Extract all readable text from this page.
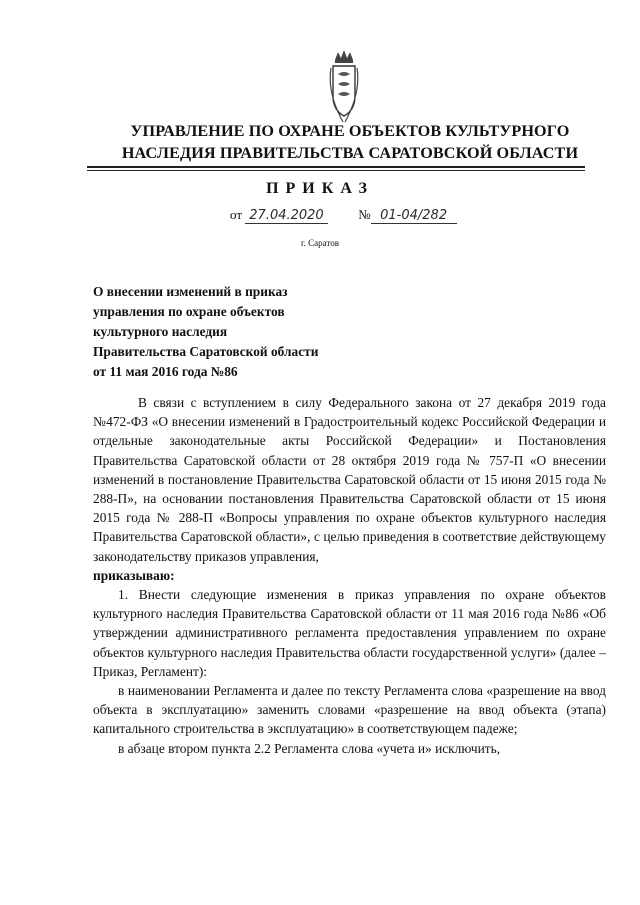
УПРАВЛЕНИЕ ПО ОХРАНЕ ОБЪЕКТОВ КУЛЬТУРНОГО
НАСЛЕДИЯ ПРАВИТЕЛЬСТВА САРАТОВСКОЙ ОБЛАСТИ
ПРИКАЗ
от 27.04.2020	№ 01-04/282
г. Саратов
О внесении изменений в приказ
управления по охране объектов
культурного наследия
Правительства Саратовской области
от 11 мая 2016 года №86

В связи с вступлением в силу Федерального закона от 27 декабря 2019 года №472-ФЗ «О внесении изменений в Градостроительный кодекс Российской Федерации и отдельные законодательные акты Российской Федерации» и Постановления Правительства Саратовской области от 28 октября 2019 года № 757-П «О внесении изменений в постановление Правительства Саратовской области от 15 июня 2015 года № 288-П», на основании постановления Правительства Саратовской области от 15 июня 2015 года № 288-П «Вопросы управления по охране объектов культурного наследия Правительства Саратовской области», с целью приведения в соответствие действующему законодательству приказов управления,

приказываю:

1. Внести следующие изменения в приказ управления по охране объектов культурного наследия Правительства Саратовской области от 11 мая 2016 года №86 «Об утверждении административного регламента предоставления управлением по охране объектов культурного наследия Правительства области государственной услуги» (далее – Приказ, Регламент):

в наименовании Регламента и далее по тексту Регламента слова «разрешение на ввод объекта в эксплуатацию» заменить словами «разрешение на ввод объекта (этапа) капитального строительства в эксплуатацию» в соответствующем падеже;

в абзаце втором пункта 2.2 Регламента слова «учета и» исключить,
